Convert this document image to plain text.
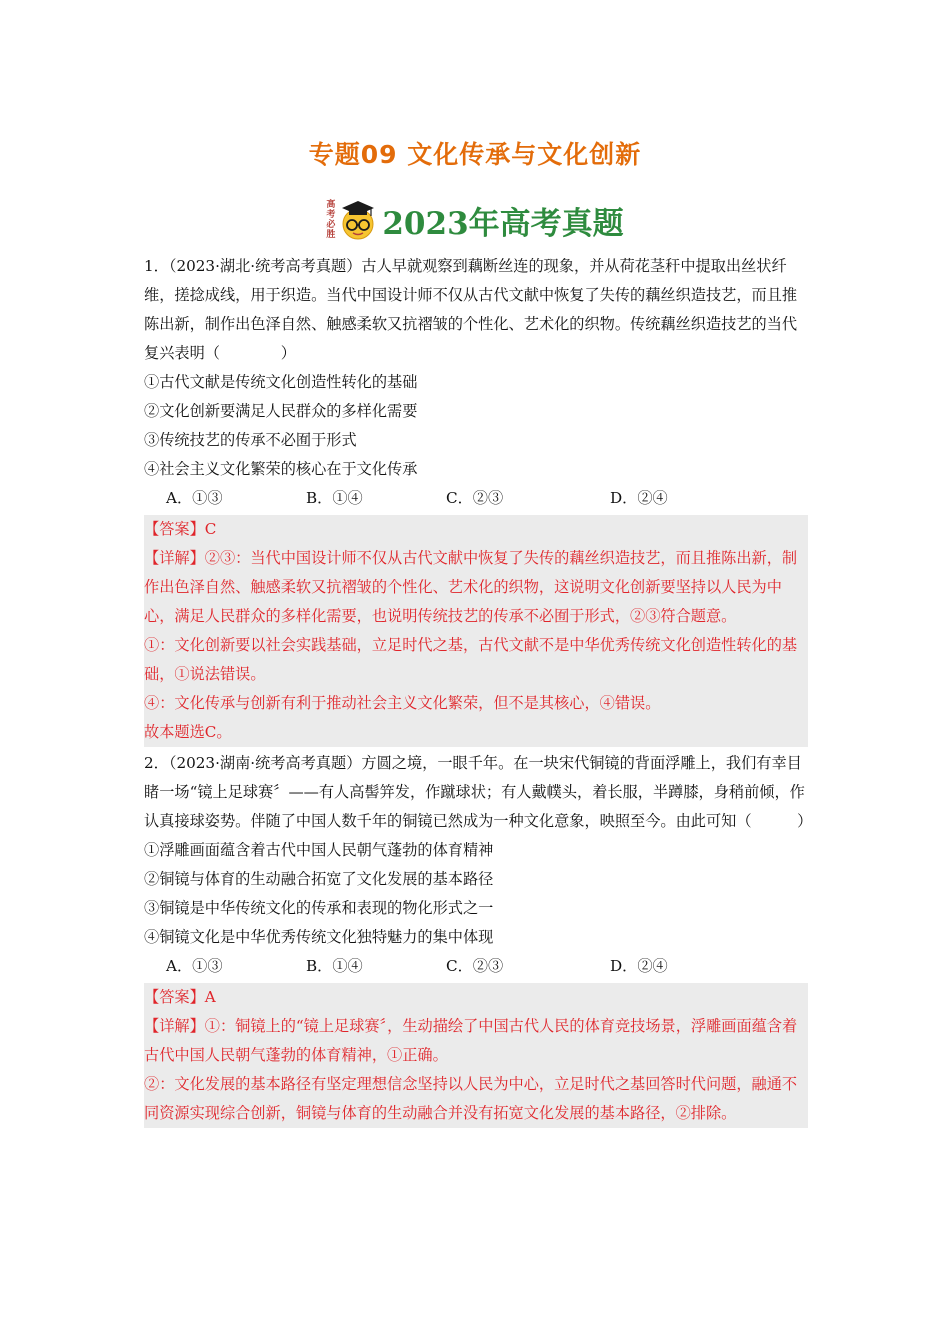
专题09 文化传承与文化创新
高
考
必
胜 2023年高考真题

1．（2023·湖北·统考高考真题）古人早就观察到藕断丝连的现象，并从荷花茎秆中提取出丝状纤维，搓捻成线，用于织造。当代中国设计师不仅从古代文献中恢复了失传的藕丝织造技艺，而且推陈出新，制作出色泽自然、触感柔软又抗褶皱的个性化、艺术化的织物。传统藕丝织造技艺的当代复兴表明（　　　　）

①古代文献是传统文化创造性转化的基础

②文化创新要满足人民群众的多样化需要

③传统技艺的传承不必囿于形式

④社会主义文化繁荣的核心在于文化传承

A．①③	B．①④	C．②③	D．②④

【答案】C

【详解】②③：当代中国设计师不仅从古代文献中恢复了失传的藕丝织造技艺，而且推陈出新，制作出色泽自然、触感柔软又抗褶皱的个性化、艺术化的织物，这说明文化创新要坚持以人民为中心，满足人民群众的多样化需要，也说明传统技艺的传承不必囿于形式，②③符合题意。

①：文化创新要以社会实践基础，立足时代之基，古代文献不是中华优秀传统文化创造性转化的基础，①说法错误。

④：文化传承与创新有利于推动社会主义文化繁荣，但不是其核心，④错误。

故本题选C。

2．（2023·湖南·统考高考真题）方圆之境，一眼千年。在一块宋代铜镜的背面浮雕上，我们有幸目睹一场“镜上足球赛〞——有人高髻笄发，作蹴球状；有人戴幞头，着长服，半蹲膝，身稍前倾，作认真接球姿势。伴随了中国人数千年的铜镜已然成为一种文化意象，映照至今。由此可知（　　　）

①浮雕画面蕴含着古代中国人民朝气蓬勃的体育精神

②铜镜与体育的生动融合拓宽了文化发展的基本路径

③铜镜是中华传统文化的传承和表现的物化形式之一

④铜镜文化是中华优秀传统文化独特魅力的集中体现

A．①③	B．①④	C．②③	D．②④

【答案】A

【详解】①：铜镜上的“镜上足球赛〞，生动描绘了中国古代人民的体育竞技场景，浮雕画面蕴含着古代中国人民朝气蓬勃的体育精神，①正确。

②：文化发展的基本路径有坚定理想信念坚持以人民为中心，立足时代之基回答时代问题，融通不同资源实现综合创新，铜镜与体育的生动融合并没有拓宽文化发展的基本路径，②排除。
